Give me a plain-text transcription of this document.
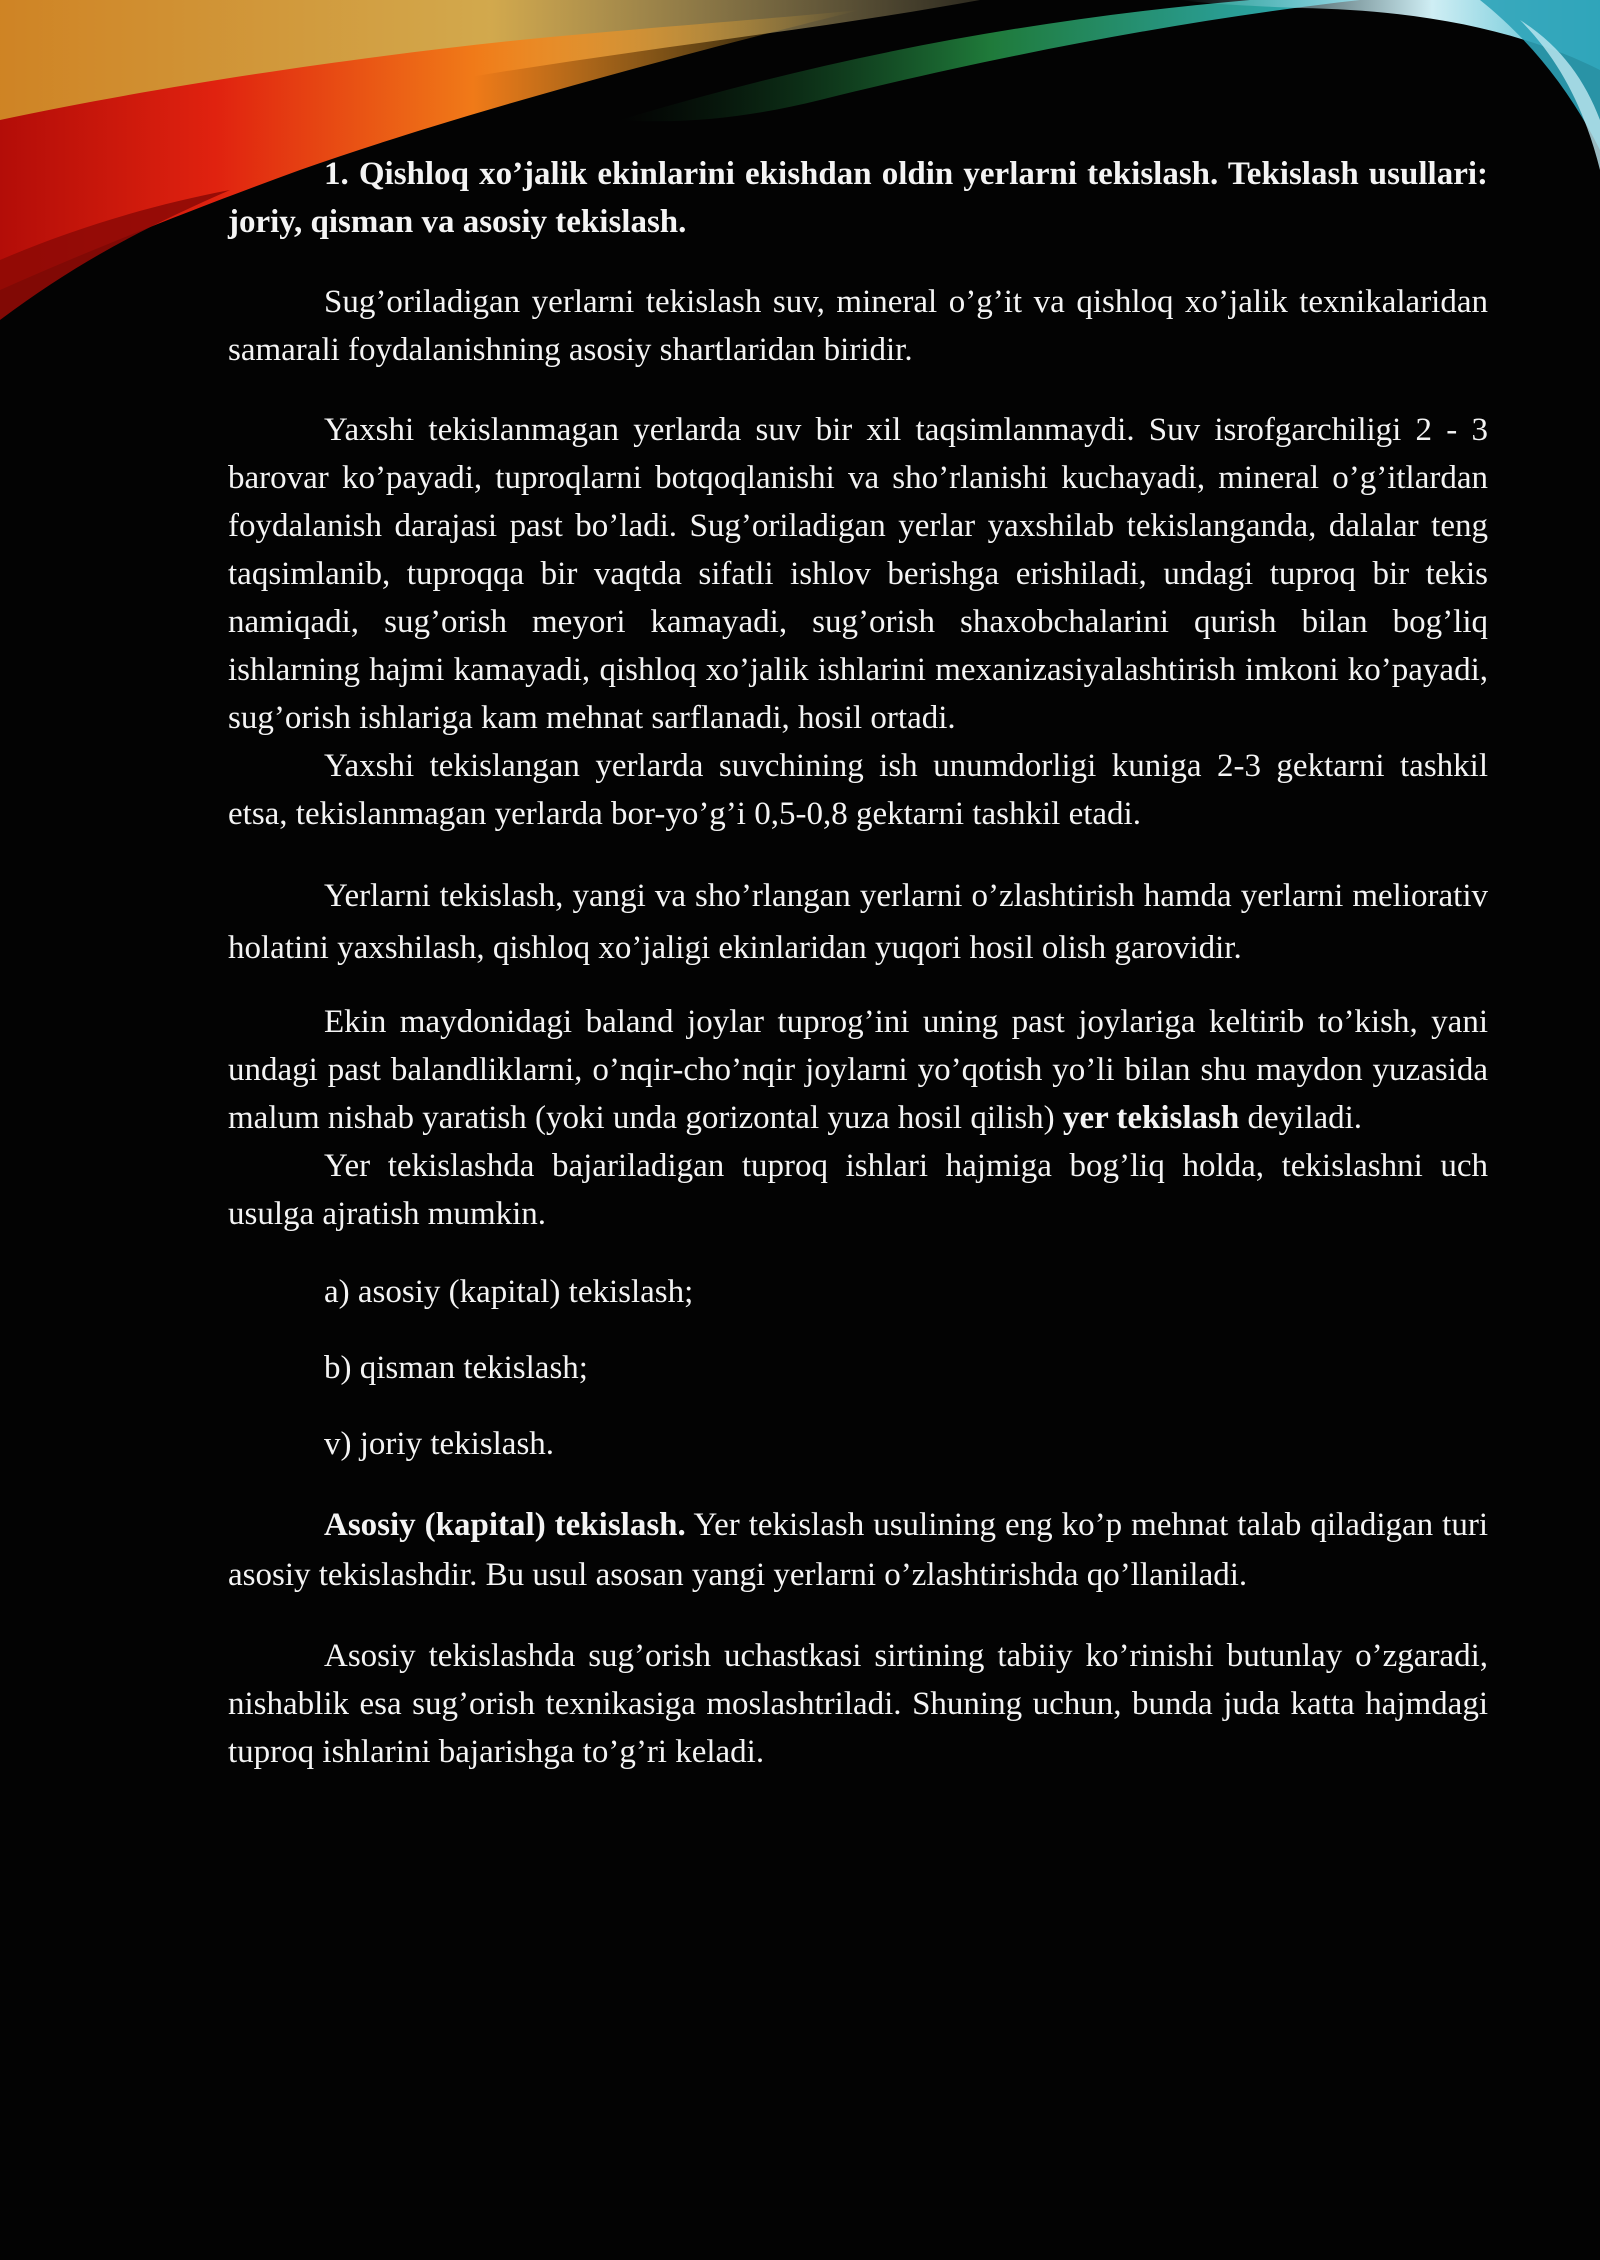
1. Qishloq xo’jalik ekinlarini ekishdan oldin yerlarni tekislash. Tekislash usullari: joriy, qisman va asosiy tekislash.

Sug’oriladigan yerlarni tekislash suv, mineral o’g’it va qishloq xo’jalik texnikalaridan samarali foydalanishning asosiy shartlaridan biridir.

Yaxshi tekislanmagan yerlarda suv bir xil taqsimlanmaydi. Suv isrofgarchiligi 2 - 3 barovar ko’payadi, tuproqlarni botqoqlanishi va sho’rlanishi kuchayadi, mineral o’g’itlardan foydalanish darajasi past bo’ladi. Sug’oriladigan yerlar yaxshilab tekislanganda, dalalar teng taqsimlanib, tuproqqa bir vaqtda sifatli ishlov berishga erishiladi, undagi tuproq bir tekis namiqadi, sug’orish meyori kamayadi, sug’orish shaxobchalarini qurish bilan bog’liq ishlarning hajmi kamayadi, qishloq xo’jalik ishlarini mexanizasiyalashtirish imkoni ko’payadi, sug’orish ishlariga kam mehnat sarflanadi, hosil ortadi.

Yaxshi tekislangan yerlarda suvchining ish unumdorligi kuniga 2-3 gektarni tashkil etsa, tekislanmagan yerlarda bor-yo’g’i 0,5-0,8 gektarni tashkil etadi.

Yerlarni tekislash, yangi va sho’rlangan yerlarni o’zlashtirish hamda yerlarni meliorativ holatini yaxshilash, qishloq xo’jaligi ekinlaridan yuqori hosil olish garovidir.

Ekin maydonidagi baland joylar tuprog’ini uning past joylariga keltirib to’kish, yani undagi past balandliklarni, o’nqir-cho’nqir joylarni yo’qotish yo’li bilan shu maydon yuzasida malum nishab yaratish (yoki unda gorizontal yuza hosil qilish) yer tekislash deyiladi.

Yer tekislashda bajariladigan tuproq ishlari hajmiga bog’liq holda, tekislashni uch usulga ajratish mumkin.

a) asosiy (kapital) tekislash;

b) qisman tekislash;

v) joriy tekislash.

Asosiy (kapital) tekislash. Yer tekislash usulining eng ko’p mehnat talab qiladigan turi asosiy tekislashdir. Bu usul asosan yangi yerlarni o’zlashtirishda qo’llaniladi.

Asosiy tekislashda sug’orish uchastkasi sirtining tabiiy ko’rinishi butunlay o’zgaradi, nishablik esa sug’orish texnikasiga moslashtriladi. Shuning uchun, bunda juda katta hajmdagi tuproq ishlarini bajarishga to’g’ri keladi.
